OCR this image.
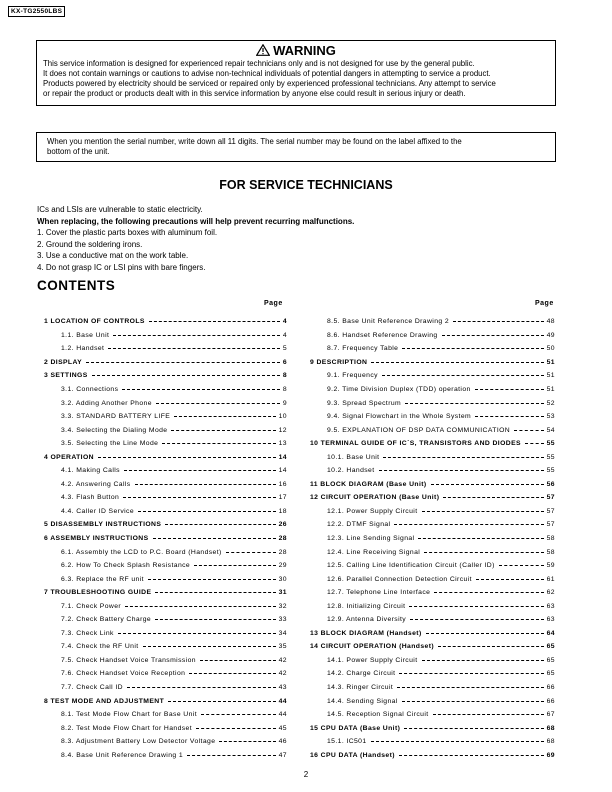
KX-TG2550LBS
WARNING
This service information is designed for experienced repair technicians only and is not designed for use by the general public.
It does not contain warnings or cautions to advise non-technical individuals of potential dangers in attempting to service a product.
Products powered by electricity should be serviced or repaired only by experienced professional technicians. Any attempt to service
or repair the product or products dealt with in this service information by anyone else could result in serious injury or death.
When you mention the serial number, write down all 11 digits. The serial number may be found on the label affixed to the
bottom of the unit.
FOR SERVICE TECHNICIANS
ICs and LSIs are vulnerable to static electricity.
When replacing, the following precautions will help prevent recurring malfunctions.
1. Cover the plastic parts boxes with aluminum foil.
2. Ground the soldering irons.
3. Use a conductive mat on the work table.
4. Do not grasp IC or LSI pins with bare fingers.
CONTENTS
Page	Page
1 LOCATION OF CONTROLS	4
1.1. Base Unit	4
1.2. Handset	5
2 DISPLAY	6
3 SETTINGS	8
3.1. Connections	8
3.2. Adding Another Phone	9
3.3. STANDARD BATTERY LIFE	10
3.4. Selecting the Dialing Mode	12
3.5. Selecting the Line Mode	13
4 OPERATION	14
4.1. Making Calls	14
4.2. Answering Calls	16
4.3. Flash Button	17
4.4. Caller ID Service	18
5 DISASSEMBLY INSTRUCTIONS	26
6 ASSEMBLY INSTRUCTIONS	28
6.1. Assembly the LCD to P.C. Board (Handset)	28
6.2. How To Check Splash Resistance	29
6.3. Replace the RF unit	30
7 TROUBLESHOOTING GUIDE	31
7.1. Check Power	32
7.2. Check Battery Charge	33
7.3. Check Link	34
7.4. Check the RF Unit	35
7.5. Check Handset Voice Transmission	42
7.6. Check Handset Voice Reception	42
7.7. Check Call ID	43
8 TEST MODE AND ADJUSTMENT	44
8.1. Test Mode Flow Chart for Base Unit	44
8.2. Test Mode Flow Chart for Handset	45
8.3. Adjustment Battery Low Detector Voltage	46
8.4. Base Unit Reference Drawing 1	47
8.5. Base Unit Reference Drawing 2	48
8.6. Handset Reference Drawing	49
8.7. Frequency Table	50
9 DESCRIPTION	51
9.1. Frequency	51
9.2. Time Division Duplex (TDD) operation	51
9.3. Spread Spectrum	52
9.4. Signal Flowchart in the Whole System	53
9.5. EXPLANATION OF DSP DATA COMMUNICATION	54
10 TERMINAL GUIDE OF IC`S, TRANSISTORS AND DIODES	55
10.1. Base Unit	55
10.2. Handset	55
11 BLOCK DIAGRAM (Base Unit)	56
12 CIRCUIT OPERATION (Base Unit)	57
12.1. Power Supply Circuit	57
12.2. DTMF Signal	57
12.3. Line Sending Signal	58
12.4. Line Receiving Signal	58
12.5. Calling Line Identification Circuit (Caller ID)	59
12.6. Parallel Connection Detection Circuit	61
12.7. Telephone Line Interface	62
12.8. Initializing Circuit	63
12.9. Antenna Diversity	63
13 BLOCK DIAGRAM (Handset)	64
14 CIRCUIT OPERATION (Handset)	65
14.1. Power Supply Circuit	65
14.2. Charge Circuit	65
14.3. Ringer Circuit	66
14.4. Sending Signal	66
14.5. Reception Signal Circuit	67
15 CPU DATA (Base Unit)	68
15.1. IC501	68
16 CPU DATA (Handset)	69
2
